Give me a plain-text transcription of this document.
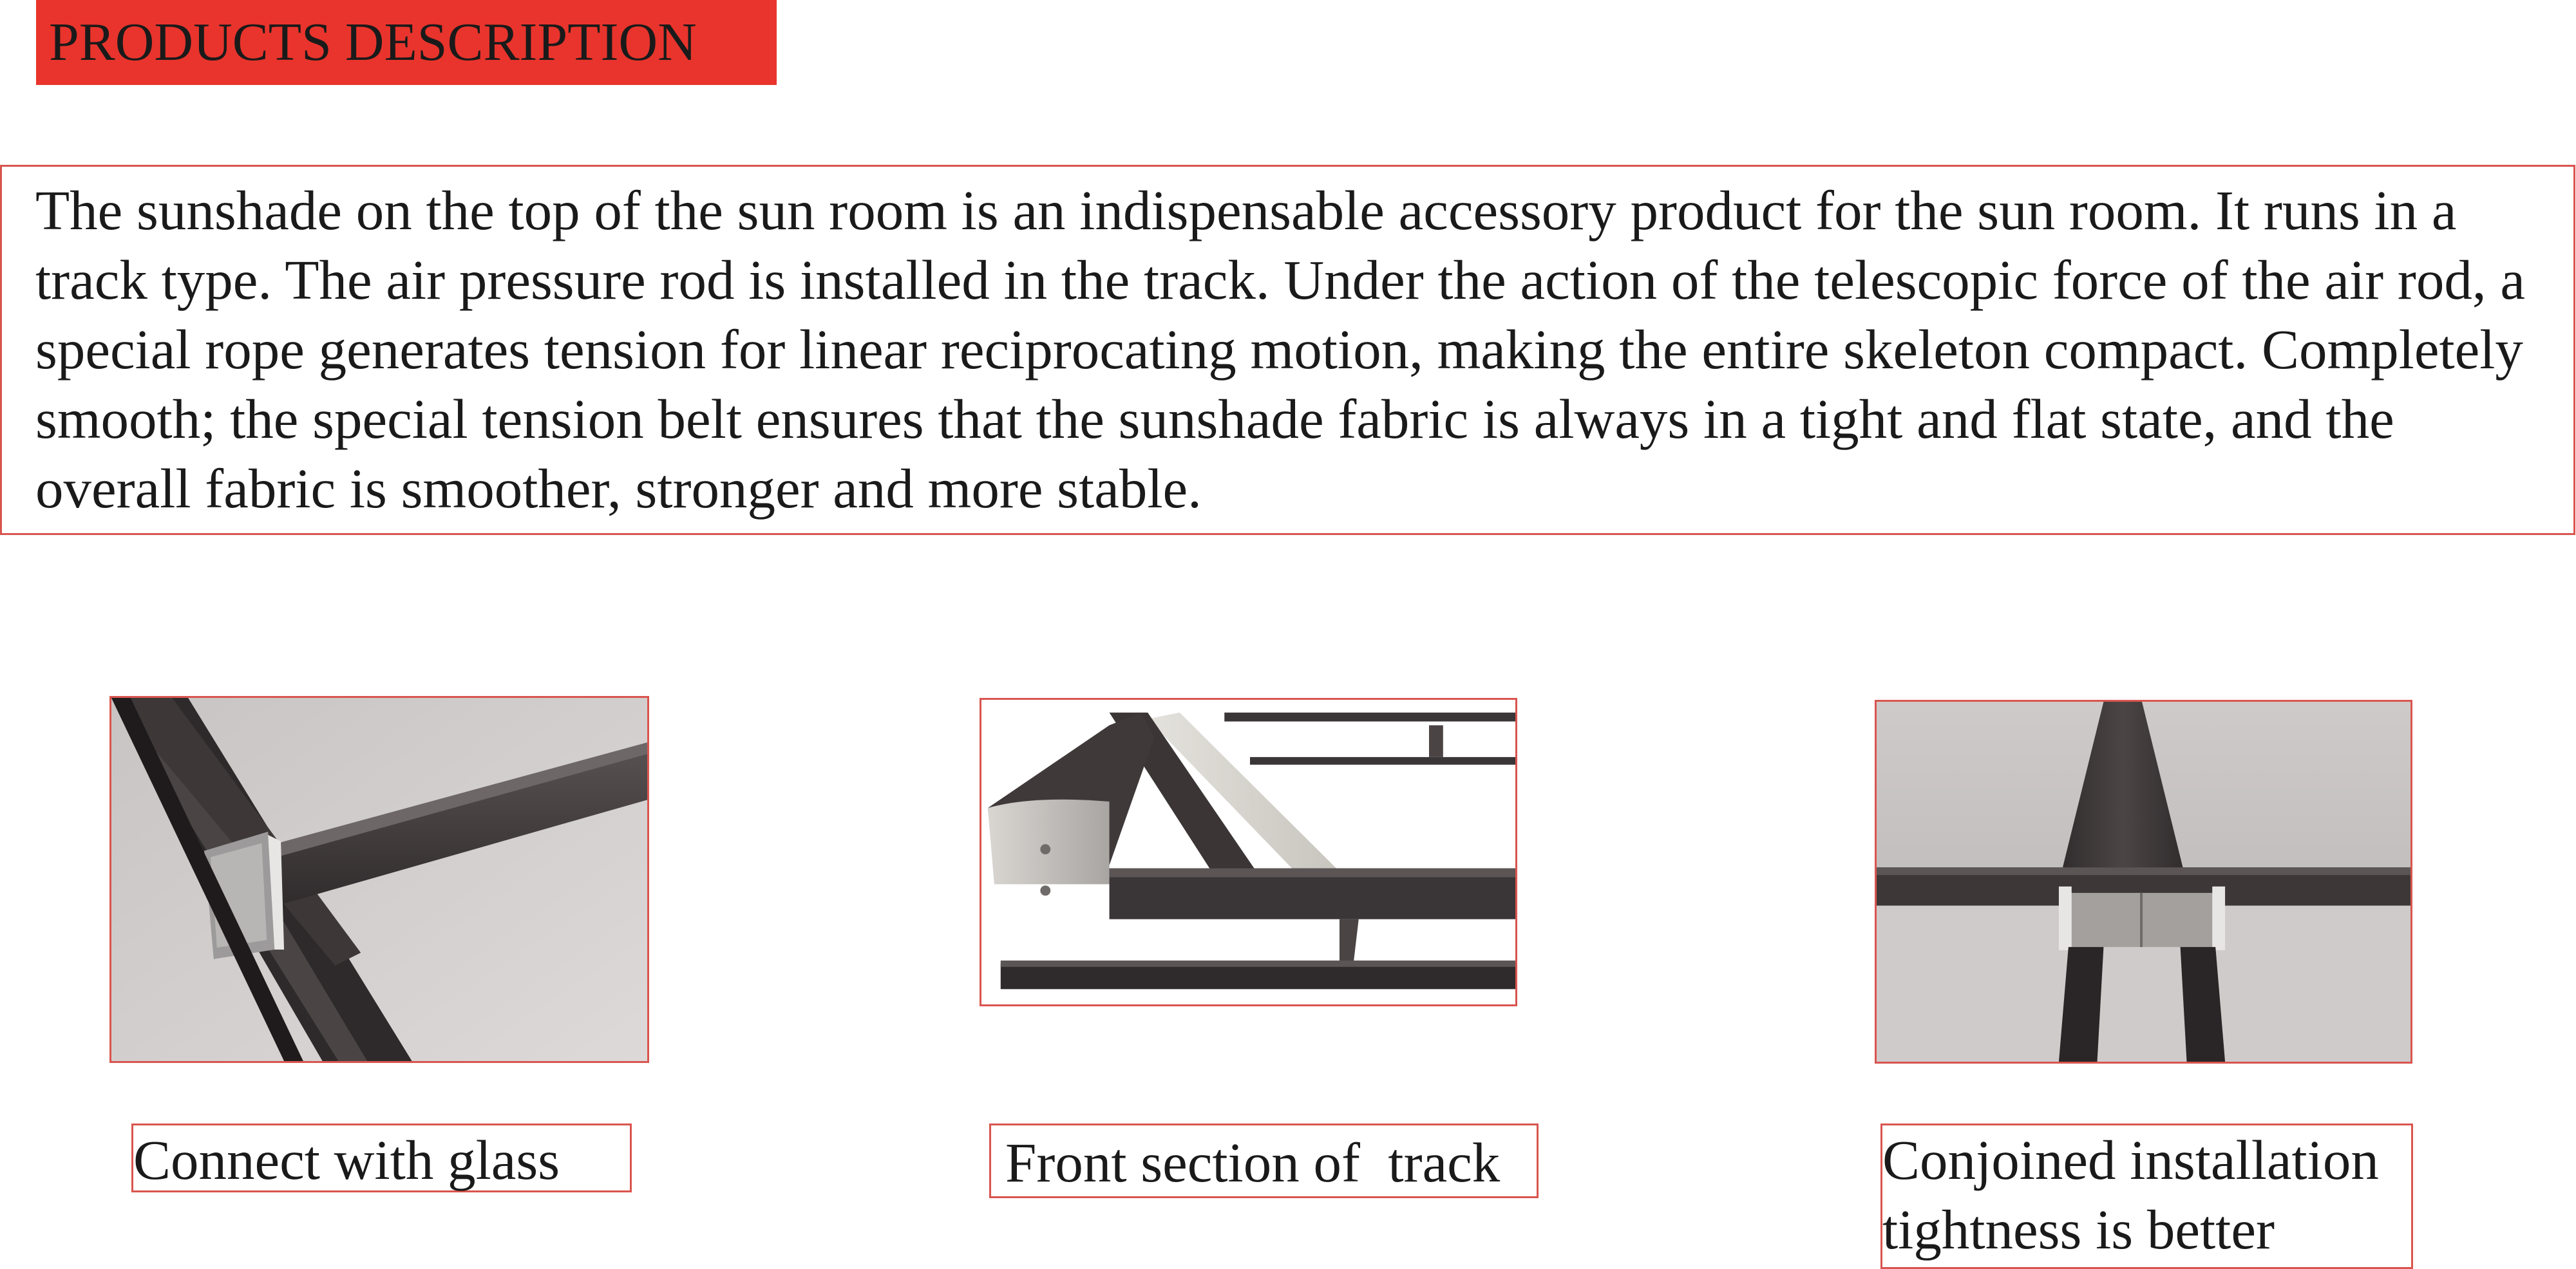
PRODUCTS DESCRIPTION

The sunshade on the top of the sun room is an indispensable accessory product for the sun room. It runs in a track type. The air pressure rod is installed in the track. Under the action of the telescopic force of the air rod, a special rope generates tension for linear reciprocating motion, making the entire skeleton compact. Completely smooth; the special tension belt ensures that the sunshade fabric is always in a tight and flat state, and the overall fabric is smoother, stronger and more stable.

Connect with glass	Front section of  track	Conjoined installation
tightness is better
